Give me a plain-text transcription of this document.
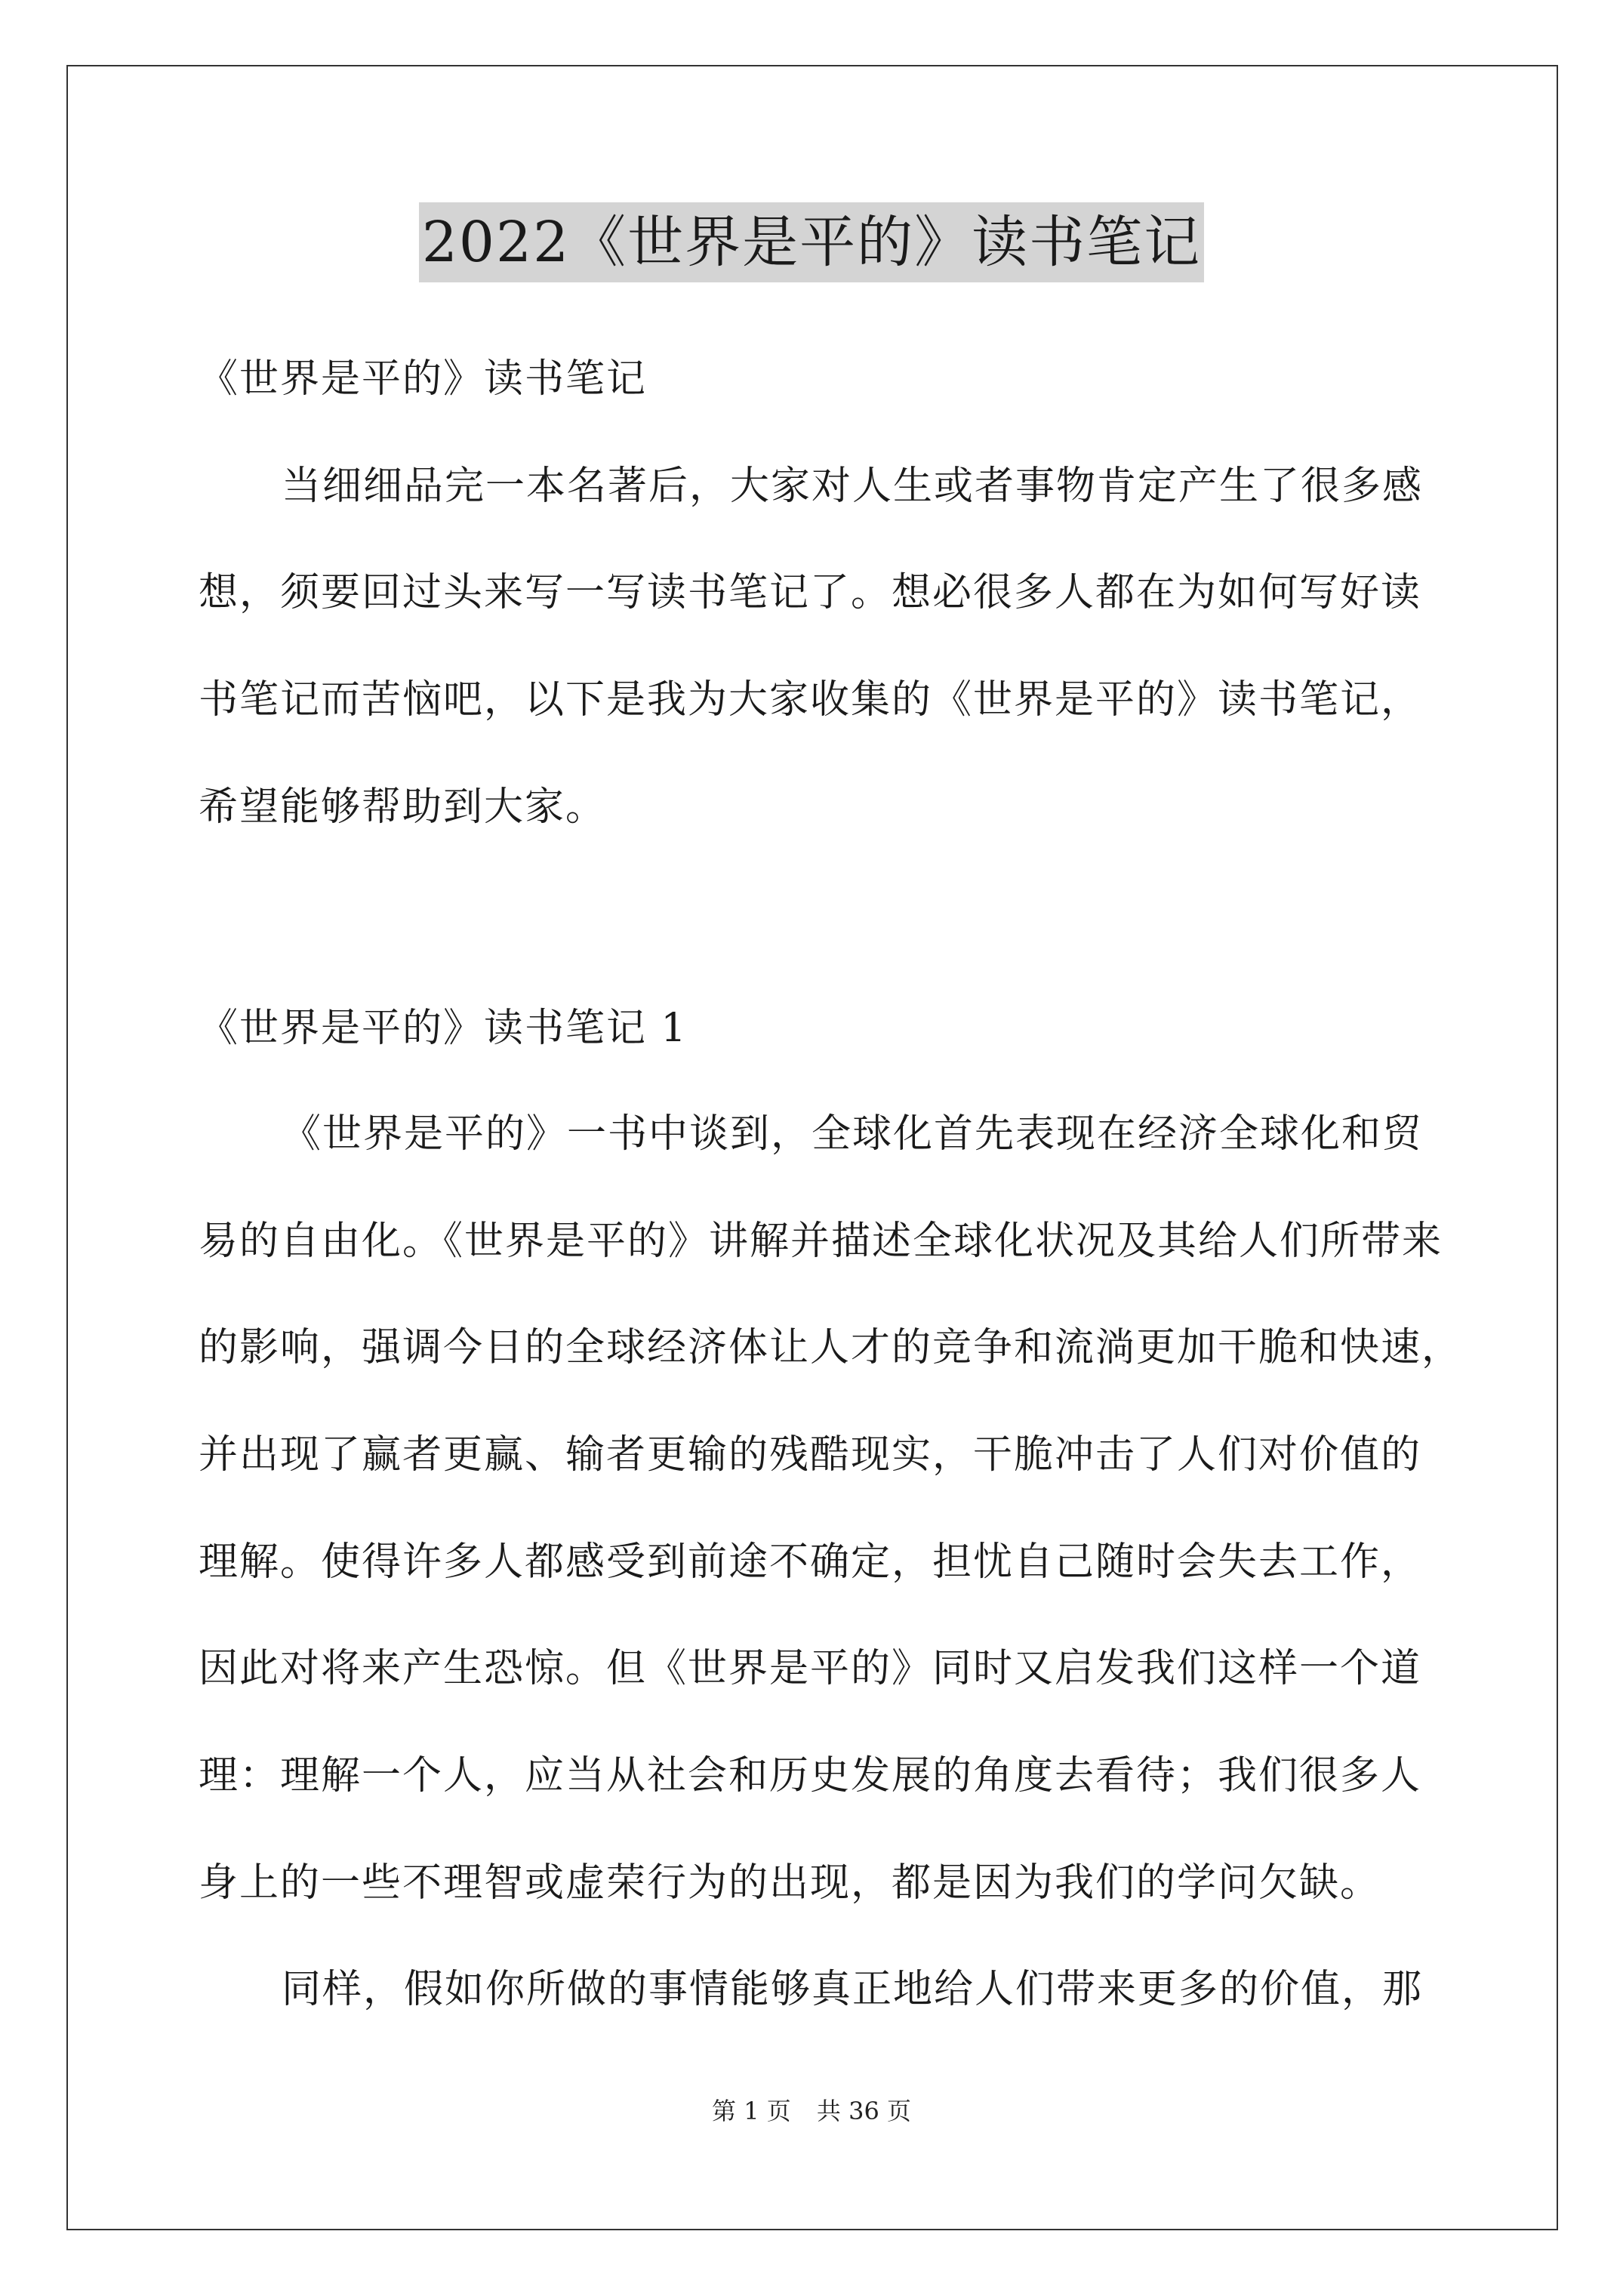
2022《世界是平的》读书笔记
《世界是平的》读书笔记
当细细品完一本名著后，大家对人生或者事物肯定产生了很多感
想，须要回过头来写一写读书笔记了。想必很多人都在为如何写好读
书笔记而苦恼吧，以下是我为大家收集的《世界是平的》读书笔记，
希望能够帮助到大家。
《世界是平的》读书笔记 1
《世界是平的》一书中谈到，全球化首先表现在经济全球化和贸
易的自由化。《世界是平的》讲解并描述全球化状况及其给人们所带来
的影响，强调今日的全球经济体让人才的竞争和流淌更加干脆和快速，
并出现了赢者更赢、输者更输的残酷现实，干脆冲击了人们对价值的
理解。使得许多人都感受到前途不确定，担忧自己随时会失去工作，
因此对将来产生恐惊。但《世界是平的》同时又启发我们这样一个道
理：理解一个人，应当从社会和历史发展的角度去看待；我们很多人
身上的一些不理智或虚荣行为的出现，都是因为我们的学问欠缺。
同样，假如你所做的事情能够真正地给人们带来更多的价值，那
第 1 页 共 36 页
